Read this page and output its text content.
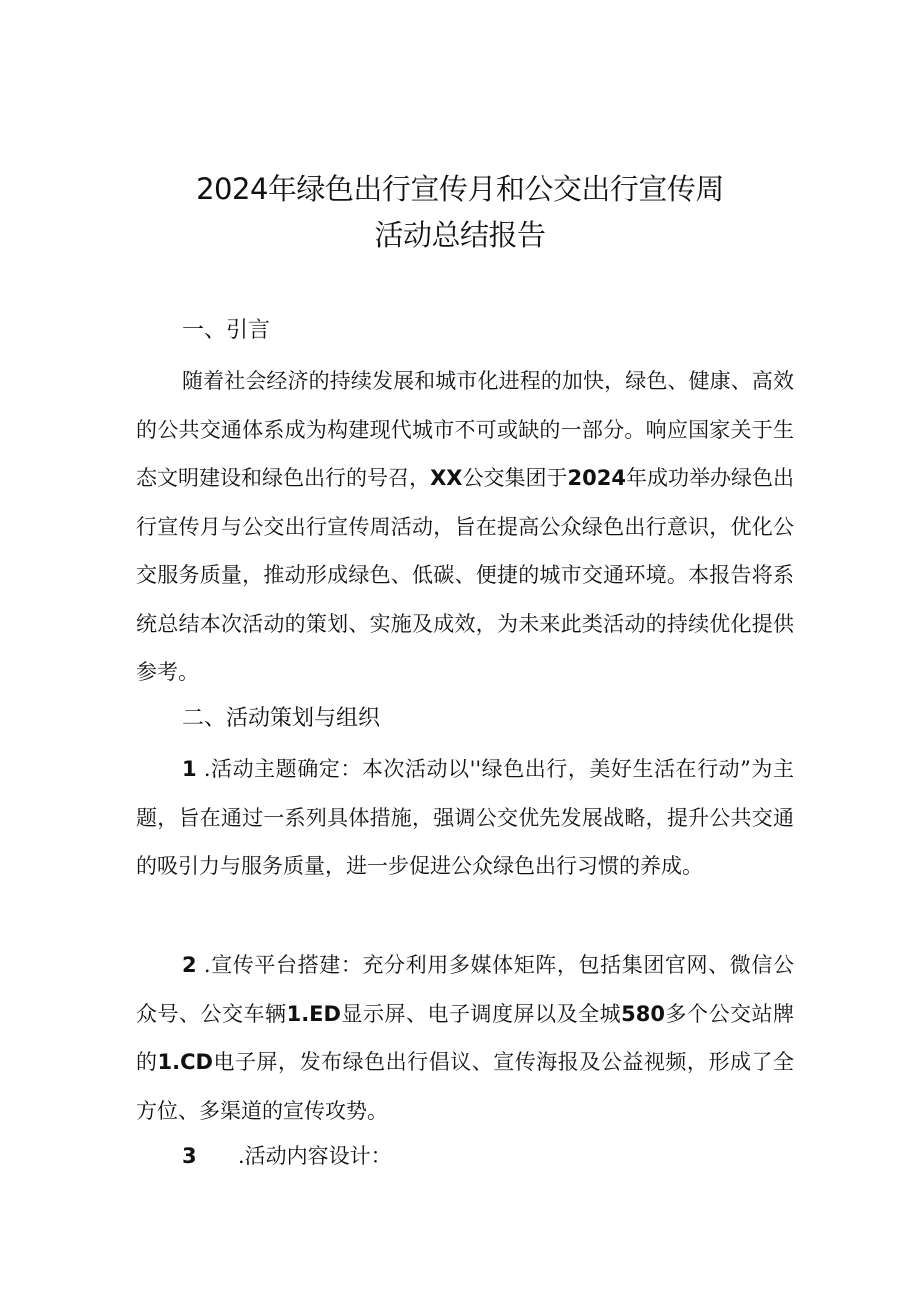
2024年绿色出行宣传月和公交出行宣传周
活动总结报告
一、引言
随着社会经济的持续发展和城市化进程的加快，绿色、健康、高效的公共交通体系成为构建现代城市不可或缺的一部分。响应国家关于生态文明建设和绿色出行的号召，XX公交集团于2024年成功举办绿色出行宣传月与公交出行宣传周活动，旨在提高公众绿色出行意识，优化公交服务质量，推动形成绿色、低碳、便捷的城市交通环境。本报告将系统总结本次活动的策划、实施及成效，为未来此类活动的持续优化提供参考。
二、活动策划与组织
1 .活动主题确定：本次活动以''绿色出行，美好生活在行动”为主题，旨在通过一系列具体措施，强调公交优先发展战略，提升公共交通的吸引力与服务质量，进一步促进公众绿色出行习惯的养成。
2 .宣传平台搭建：充分利用多媒体矩阵，包括集团官网、微信公众号、公交车辆1.ED显示屏、电子调度屏以及全城580多个公交站牌的1.CD电子屏，发布绿色出行倡议、宣传海报及公益视频，形成了全方位、多渠道的宣传攻势。
3 .活动内容设计：
